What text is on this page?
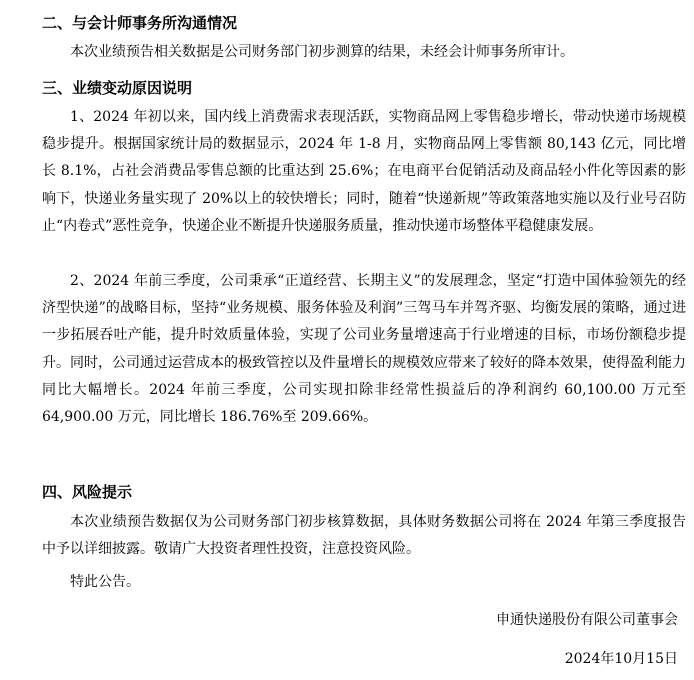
二、与会计师事务所沟通情况
本次业绩预告相关数据是公司财务部门初步测算的结果，未经会计师事务所审计。
三、业绩变动原因说明
1、2024 年初以来，国内线上消费需求表现活跃，实物商品网上零售稳步增长，带动快递市场规模稳步提升。根据国家统计局的数据显示，2024 年 1-8 月，实物商品网上零售额 80,143 亿元，同比增长 8.1%，占社会消费品零售总额的比重达到 25.6%；在电商平台促销活动及商品轻小件化等因素的影响下，快递业务量实现了 20%以上的较快增长；同时，随着“快递新规”等政策落地实施以及行业号召防止“内卷式”恶性竞争，快递企业不断提升快递服务质量，推动快递市场整体平稳健康发展。
2、2024 年前三季度，公司秉承“正道经营、长期主义”的发展理念，坚定“打造中国体验领先的经济型快递”的战略目标，坚持“业务规模、服务体验及利润”三驾马车并驾齐驱、均衡发展的策略，通过进一步拓展吞吐产能，提升时效质量体验，实现了公司业务量增速高于行业增速的目标，市场份额稳步提升。同时，公司通过运营成本的极致管控以及件量增长的规模效应带来了较好的降本效果，使得盈利能力同比大幅增长。2024 年前三季度，公司实现扣除非经常性损益后的净利润约 60,100.00 万元至 64,900.00 万元，同比增长 186.76%至 209.66%。
四、风险提示
本次业绩预告数据仅为公司财务部门初步核算数据，具体财务数据公司将在 2024 年第三季度报告中予以详细披露。敬请广大投资者理性投资，注意投资风险。
特此公告。
申通快递股份有限公司董事会
2024年10月15日
